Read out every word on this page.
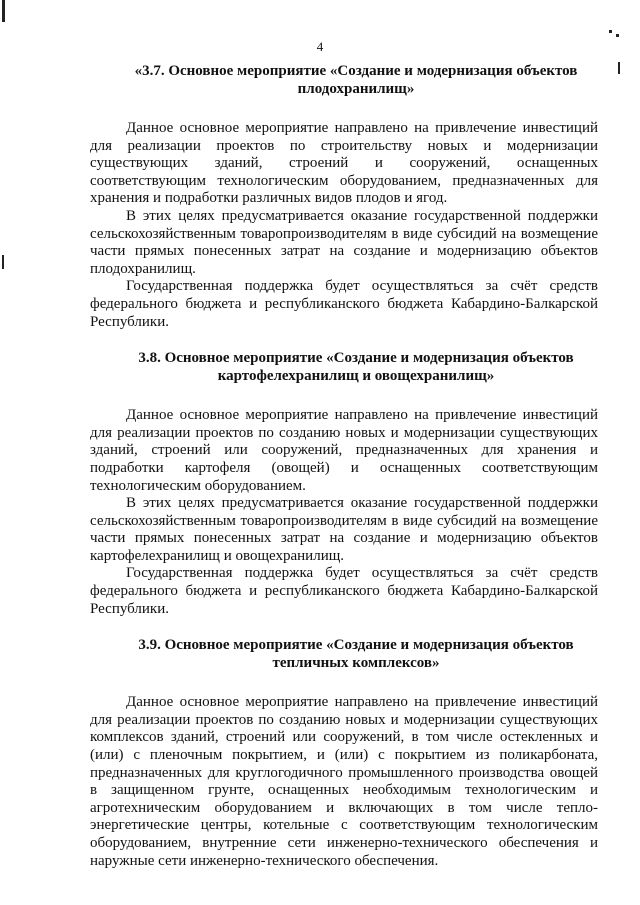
4

«3.7. Основное мероприятие «Создание и модернизация объектов
плодохранилищ»

Данное основное мероприятие направлено на привлечение инвестиций для реализации проектов по строительству новых и модернизации существующих зданий, строений и сооружений, оснащенных соответствующим технологическим оборудованием, предназначенных для хранения и подработки различных видов плодов и ягод.

В этих целях предусматривается оказание государственной поддержки сельскохозяйственным товаропроизводителям в виде субсидий на возмещение части прямых понесенных затрат на создание и модернизацию объектов плодохранилищ.

Государственная поддержка будет осуществляться за счёт средств федерального бюджета и республиканского бюджета Кабардино-Балкарской Республики.

3.8. Основное мероприятие «Создание и модернизация объектов
картофелехранилищ и овощехранилищ»

Данное основное мероприятие направлено на привлечение инвестиций для реализации проектов по созданию новых и модернизации существующих зданий, строений или сооружений, предназначенных для хранения и подработки картофеля (овощей) и оснащенных соответствующим технологическим оборудованием.

В этих целях предусматривается оказание государственной поддержки сельскохозяйственным товаропроизводителям в виде субсидий на возмещение части прямых понесенных затрат на создание и модернизацию объектов картофелехранилищ и овощехранилищ.

Государственная поддержка будет осуществляться за счёт средств федерального бюджета и республиканского бюджета Кабардино-Балкарской Республики.

3.9. Основное мероприятие «Создание и модернизация объектов
тепличных комплексов»

Данное основное мероприятие направлено на привлечение инвестиций для реализации проектов по созданию новых и модернизации существующих комплексов зданий, строений или сооружений, в том числе остекленных и (или) с пленочным покрытием, и (или) с покрытием из поликарбоната, предназначенных для круглогодичного промышленного производства овощей в защищенном грунте, оснащенных необходимым технологическим и агротехническим оборудованием и включающих в том числе тепло-энергетические центры, котельные с соответствующим технологическим оборудованием, внутренние сети инженерно-технического обеспечения и наружные сети инженерно-технического обеспечения.
